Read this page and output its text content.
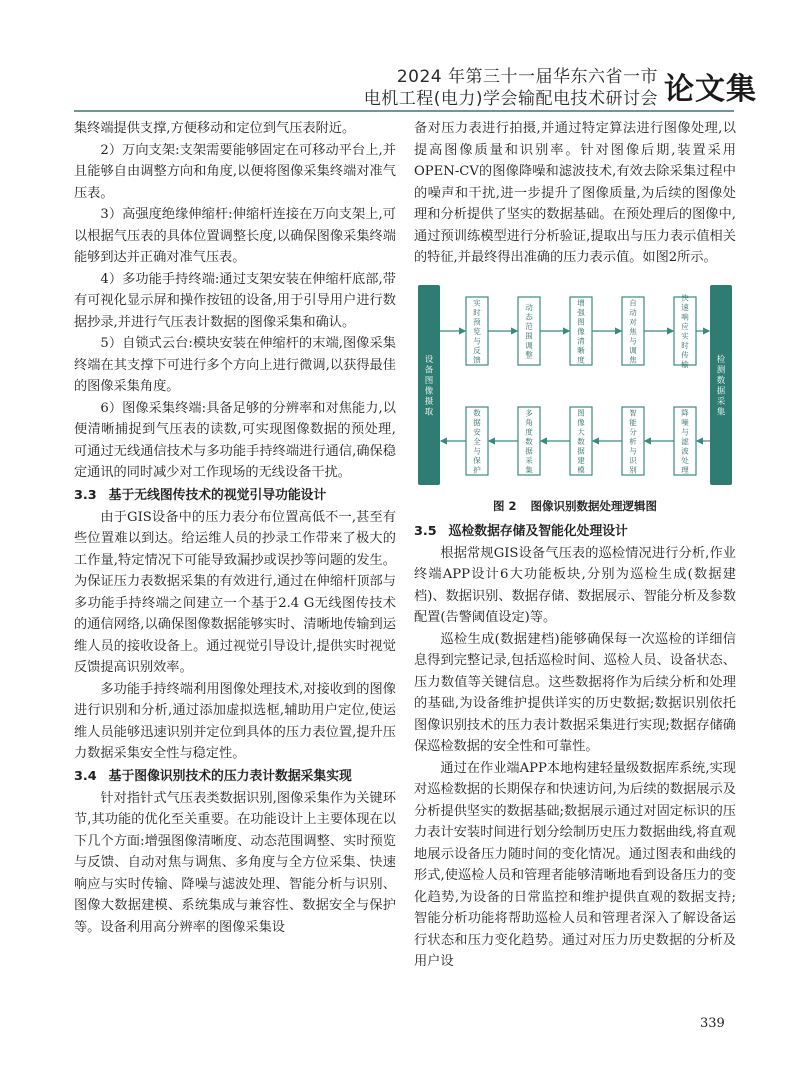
2024 年第三十一届华东六省一市
电机工程(电力)学会输配电技术研讨会 论文集

集终端提供支撑,方便移动和定位到气压表附近。

2）万向支架:支架需要能够固定在可移动平台上,并且能够自由调整方向和角度,以便将图像采集终端对准气压表。

3）高强度绝缘伸缩杆:伸缩杆连接在万向支架上,可以根据气压表的具体位置调整长度,以确保图像采集终端能够到达并正确对准气压表。

4）多功能手持终端:通过支架安装在伸缩杆底部,带有可视化显示屏和操作按钮的设备,用于引导用户进行数据抄录,并进行气压表计数据的图像采集和确认。

5）自锁式云台:模块安装在伸缩杆的末端,图像采集终端在其支撑下可进行多个方向上进行微调,以获得最佳的图像采集角度。

6）图像采集终端:具备足够的分辨率和对焦能力,以便清晰捕捉到气压表的读数,可实现图像数据的预处理,可通过无线通信技术与多功能手持终端进行通信,确保稳定通讯的同时减少对工作现场的无线设备干扰。

3.3 基于无线图传技术的视觉引导功能设计

由于GIS设备中的压力表分布位置高低不一,甚至有些位置难以到达。给运维人员的抄录工作带来了极大的工作量,特定情况下可能导致漏抄或误抄等问题的发生。为保证压力表数据采集的有效进行,通过在伸缩杆顶部与多功能手持终端之间建立一个基于2.4 G无线图传技术的通信网络,以确保图像数据能够实时、清晰地传输到运维人员的接收设备上。通过视觉引导设计,提供实时视觉反馈提高识别效率。

多功能手持终端利用图像处理技术,对接收到的图像进行识别和分析,通过添加虚拟选框,辅助用户定位,使运维人员能够迅速识别并定位到具体的压力表位置,提升压力数据采集安全性与稳定性。

3.4 基于图像识别技术的压力表计数据采集实现

针对指针式气压表类数据识别,图像采集作为关键环节,其功能的优化至关重要。在功能设计上主要体现在以下几个方面:增强图像清晰度、动态范围调整、实时预览与反馈、自动对焦与调焦、多角度与全方位采集、快速响应与实时传输、降噪与滤波处理、智能分析与识别、图像大数据建模、系统集成与兼容性、数据安全与保护等。设备利用高分辨率的图像采集设

备对压力表进行拍摄,并通过特定算法进行图像处理,以提高图像质量和识别率。针对图像后期,装置采用OPEN-CV的图像降噪和滤波技术,有效去除采集过程中的噪声和干扰,进一步提升了图像质量,为后续的图像处理和分析提供了坚实的数据基础。在预处理后的图像中,通过预训练模型进行分析验证,提取出与压力表示值相关的特征,并最终得出准确的压力表示值。如图2所示。

设备图像摄取
检测数据采集
实时预览与反馈
动态范围调整
增强图像清晰度
自动对焦与调焦
快速响应实时传输
数据安全与保护
多角度数据采集
图像大数据建模
智能分析与识别
降噪与滤波处理
图 2 图像识别数据处理逻辑图
3.5 巡检数据存储及智能化处理设计

根据常规GIS设备气压表的巡检情况进行分析,作业终端APP设计6大功能板块,分别为巡检生成(数据建档)、数据识别、数据存储、数据展示、智能分析及参数配置(告警阈值设定)等。

巡检生成(数据建档)能够确保每一次巡检的详细信息得到完整记录,包括巡检时间、巡检人员、设备状态、压力数值等关键信息。这些数据将作为后续分析和处理的基础,为设备维护提供详实的历史数据;数据识别依托图像识别技术的压力表计数据采集进行实现;数据存储确保巡检数据的安全性和可靠性。

通过在作业端APP本地构建轻量级数据库系统,实现对巡检数据的长期保存和快速访问,为后续的数据展示及分析提供坚实的数据基础;数据展示通过对固定标识的压力表计安装时间进行划分绘制历史压力数据曲线,将直观地展示设备压力随时间的变化情况。通过图表和曲线的形式,使巡检人员和管理者能够清晰地看到设备压力的变化趋势,为设备的日常监控和维护提供直观的数据支持;智能分析功能将帮助巡检人员和管理者深入了解设备运行状态和压力变化趋势。通过对压力历史数据的分析及用户设

339
